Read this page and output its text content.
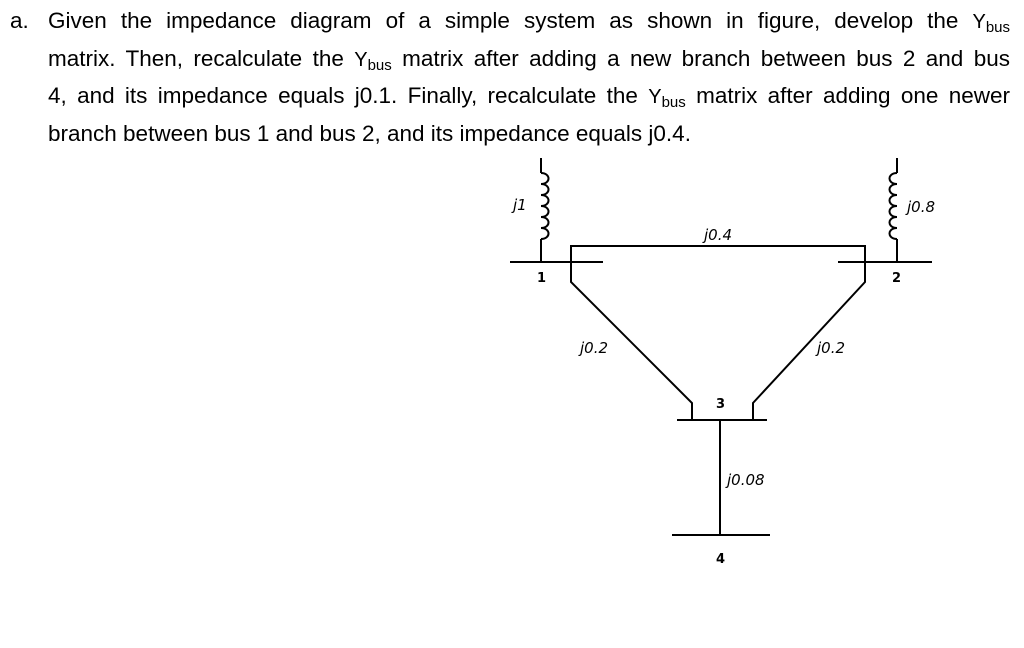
a. Given the impedance diagram of a simple system as shown in figure, develop the Ybus
matrix. Then, recalculate the Ybus matrix after adding a new branch between bus 2 and bus
4, and its impedance equals j0.1. Finally, recalculate the Ybus matrix after adding one newer
branch between bus 1 and bus 2, and its impedance equals j0.4.
j1	j0.8
j0.4
j0.2	j0.2
j0.08
1	2
3
4
